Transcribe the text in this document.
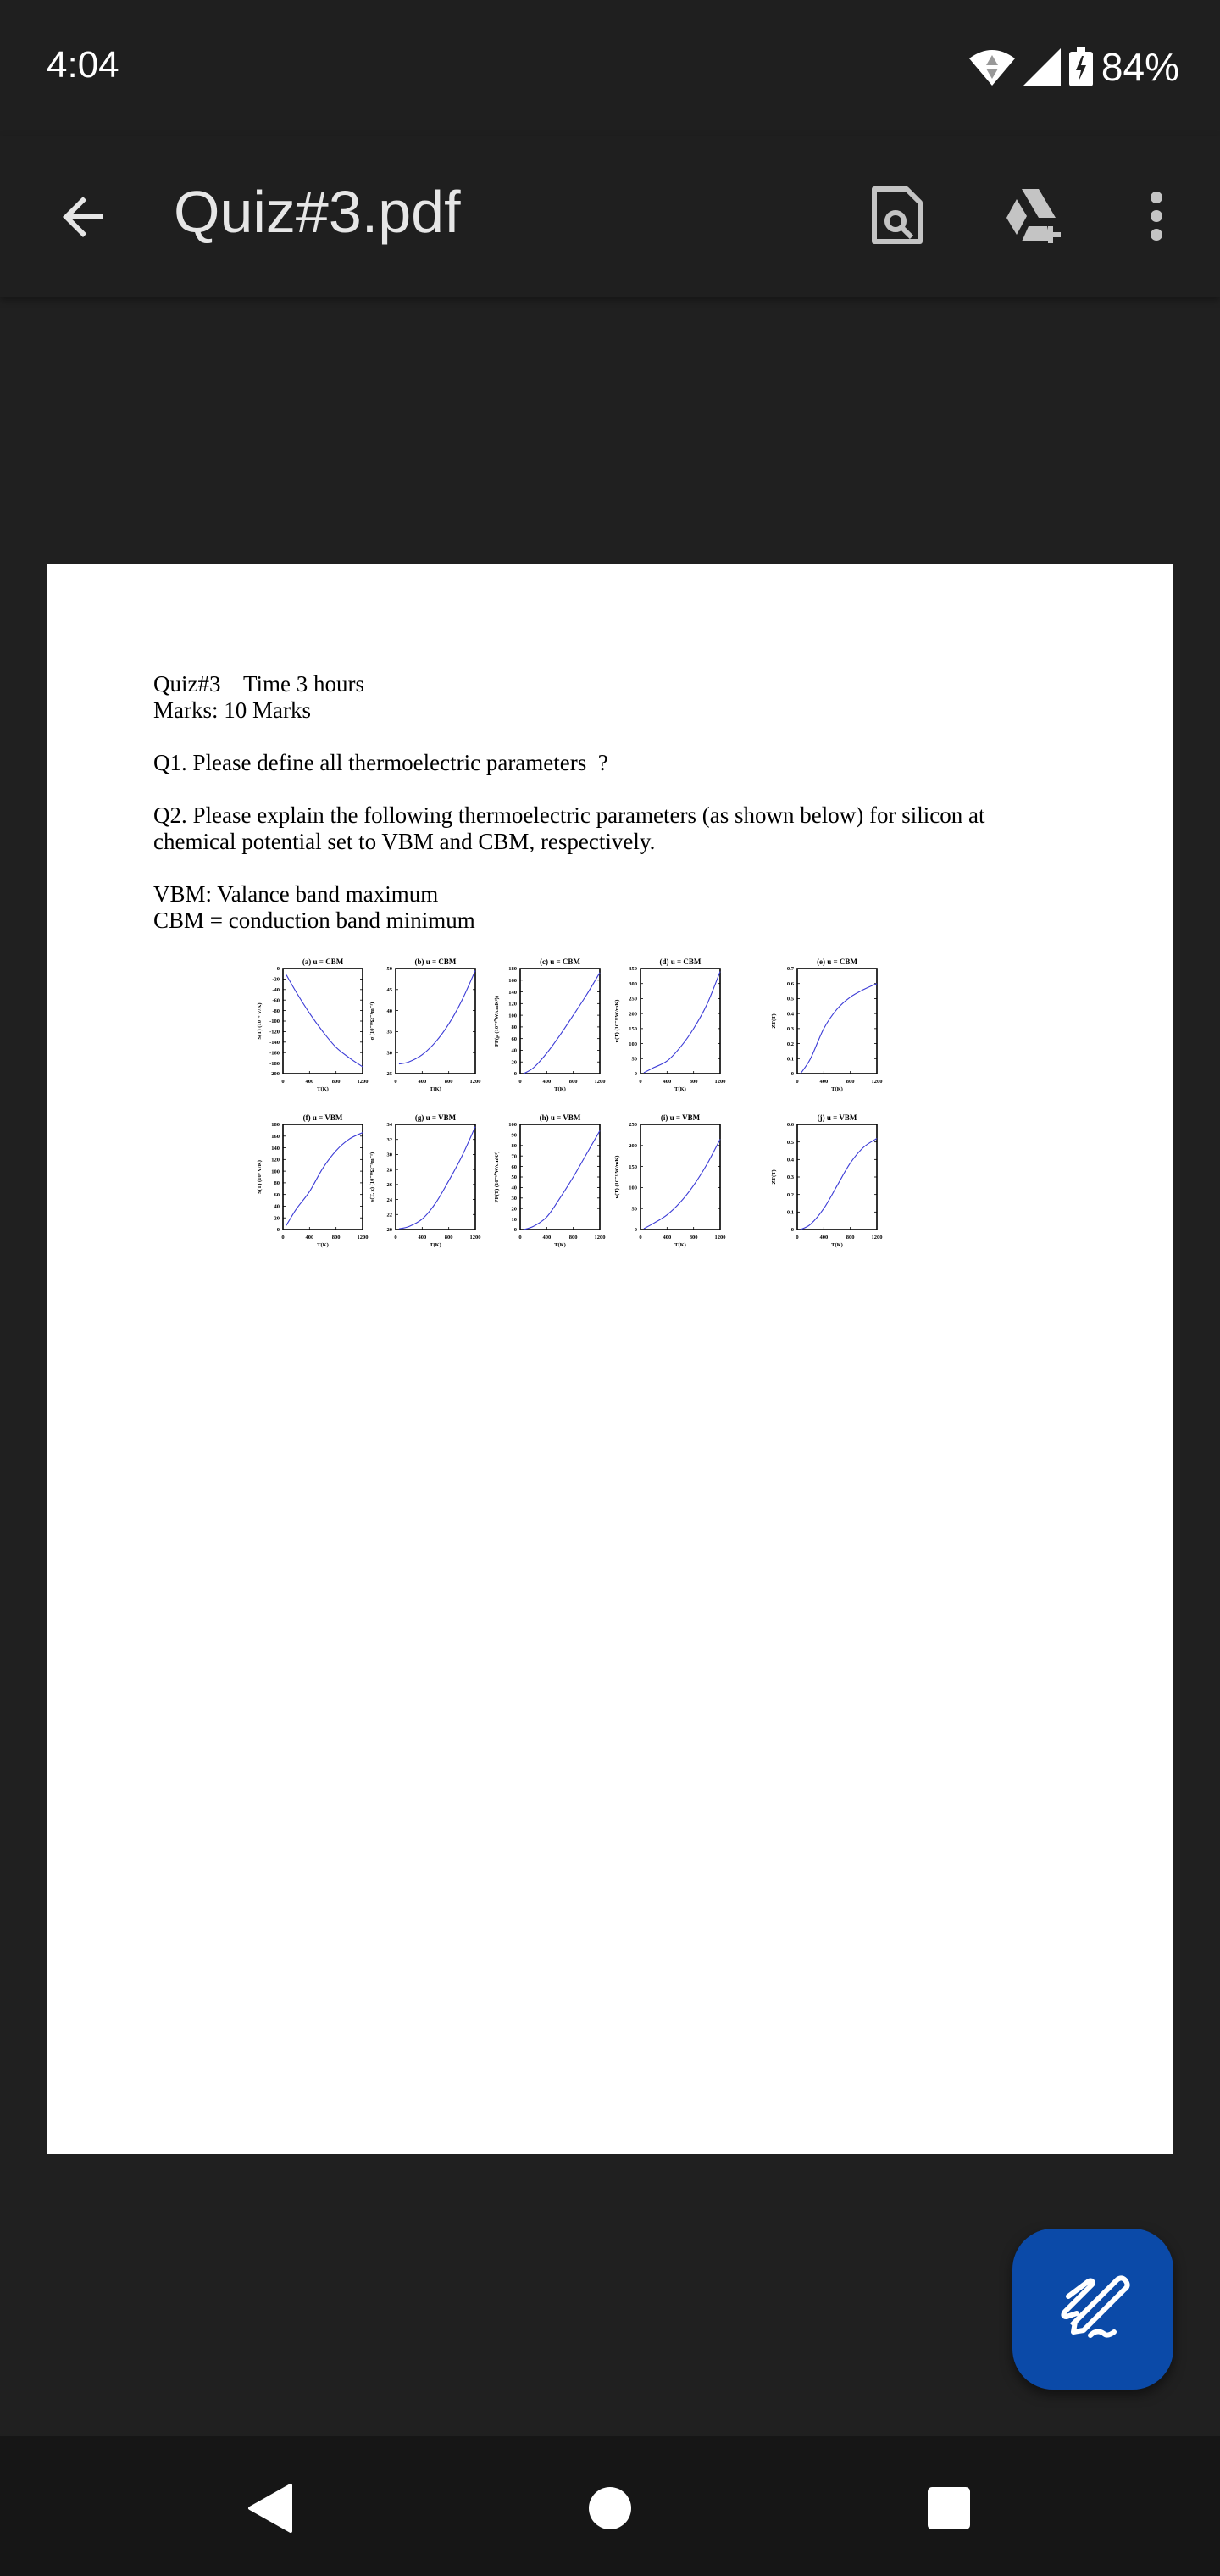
4:04	84%
Quiz#3.pdf

Quiz#3    Time 3 hours

Marks: 10 Marks

Q1. Please define all thermoelectric parameters  ?

Q2. Please explain the following thermoelectric parameters (as shown below) for silicon at chemical potential set to VBM and CBM, respectively.

VBM: Valance band maximum

CBM = conduction band minimum

(a) u = CBM
0	400	800	1200
0
-20
-40
-60
-80
-100
-120
-140
-160
-180
-200
T(K)
S(T) (10⁻⁶ V/K)
(b) u = CBM
0	400	800	1200
25
30
35
40
45
50
T(K)
σ (10⁻¹⁸Ω⁻¹m⁻¹)
(c) u = CBM
0	400	800	1200
0
20
40
60
80
100
120
140
160
180
T(K)
PF(μ (10⁻¹⁰W/cmK²))
(d) u = CBM
0	400	800	1200
0
50
100
150
200
250
300
350
T(K)
κ(T) (10⁻¹³W/mK)
(e) u = CBM
0	400	800	1200
0
0.1
0.2
0.3
0.4
0.5
0.6
0.7
T(K)
ZT(T)
(f) u = VBM
0	400	800	1200
0
20
40
60
80
100
120
140
160
180
T(K)
S(T) (10⁶ V/K)
(g) u = VBM
0	400	800	1200
20
22
24
26
28
30
32
34
T(K)
s(T, x) (10⁻¹⁸Ω⁻¹m⁻¹)
(h) u = VBM
0	400	800	1200
0
10
20
30
40
50
60
70
80
90
100
T(K)
PF(T) (10⁻¹⁰W/cmK²)
(i) u = VBM
0	400	800	1200
0
50
100
150
200
250
T(K)
κ(T) (10⁻¹³W/mK)
(j) u = VBM
0	400	800	1200
0
0.1
0.2
0.3
0.4
0.5
0.6
T(K)
ZT(T)
